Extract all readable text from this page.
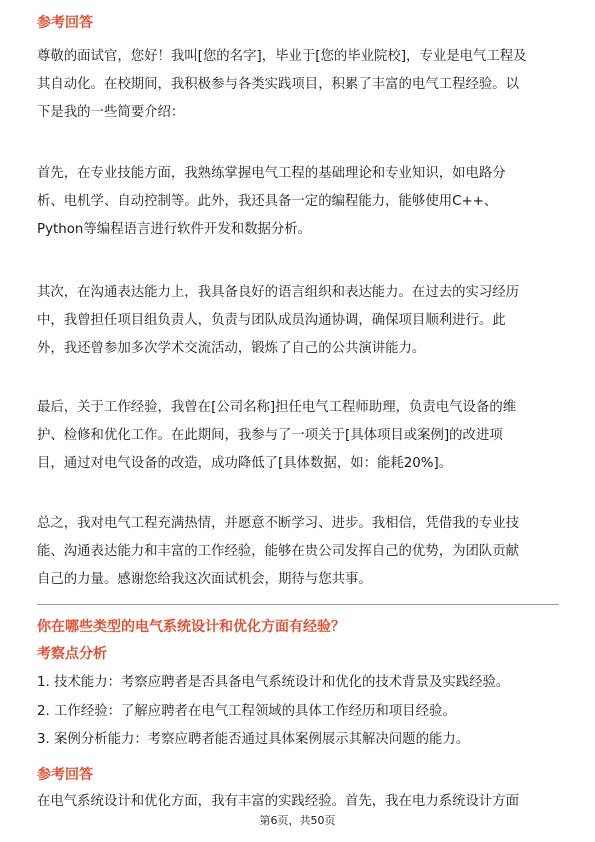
参考回答
尊敬的面试官，您好！我叫[您的名字]，毕业于[您的毕业院校]，专业是电气工程及
其自动化。在校期间，我积极参与各类实践项目，积累了丰富的电气工程经验。以
下是我的一些简要介绍：
首先，在专业技能方面，我熟练掌握电气工程的基础理论和专业知识，如电路分
析、电机学、自动控制等。此外，我还具备一定的编程能力，能够使用C++、
Python等编程语言进行软件开发和数据分析。
其次，在沟通表达能力上，我具备良好的语言组织和表达能力。在过去的实习经历
中，我曾担任项目组负责人，负责与团队成员沟通协调，确保项目顺利进行。此
外，我还曾参加多次学术交流活动，锻炼了自己的公共演讲能力。
最后，关于工作经验，我曾在[公司名称]担任电气工程师助理，负责电气设备的维
护、检修和优化工作。在此期间，我参与了一项关于[具体项目或案例]的改进项
目，通过对电气设备的改造，成功降低了[具体数据，如：能耗20%]。
总之，我对电气工程充满热情，并愿意不断学习、进步。我相信，凭借我的专业技
能、沟通表达能力和丰富的工作经验，能够在贵公司发挥自己的优势，为团队贡献
自己的力量。感谢您给我这次面试机会，期待与您共事。
你在哪些类型的电气系统设计和优化方面有经验？
考察点分析
1. 技术能力：考察应聘者是否具备电气系统设计和优化的技术背景及实践经验。
2. 工作经验：了解应聘者在电气工程领域的具体工作经历和项目经验。
3. 案例分析能力：考察应聘者能否通过具体案例展示其解决问题的能力。
参考回答
在电气系统设计和优化方面，我有丰富的实践经验。首先，我在电力系统设计方面
第6页，共50页
